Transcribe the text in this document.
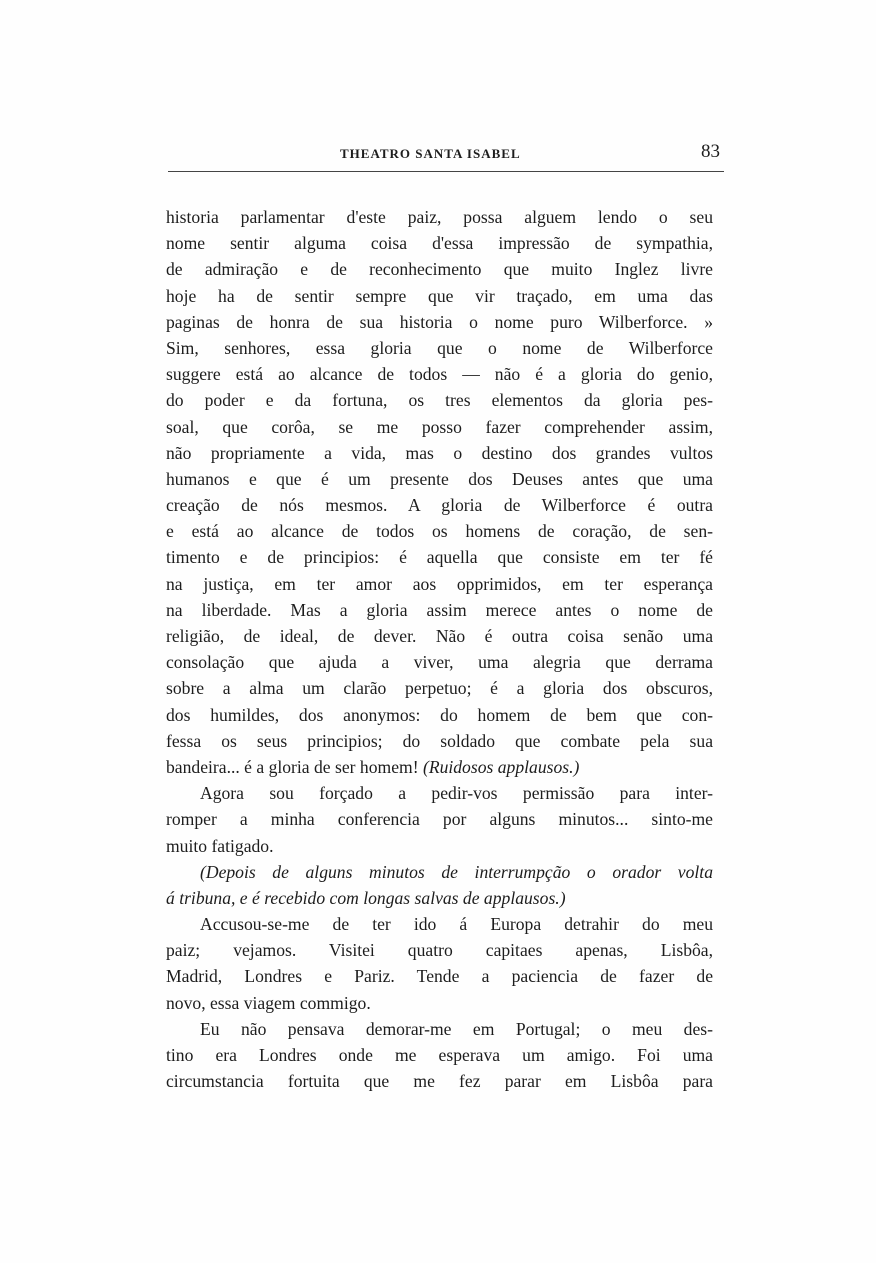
THEATRO SANTA ISABEL	83
historia parlamentar d'este paiz, possa alguem lendo o seu
nome sentir alguma coisa d'essa impressão de sympathia,
de admiração e de reconhecimento que muito Inglez livre
hoje ha de sentir sempre que vir traçado, em uma das
paginas de honra de sua historia o nome puro Wilberforce. »
Sim, senhores, essa gloria que o nome de Wilberforce
suggere está ao alcance de todos — não é a gloria do genio,
do poder e da fortuna, os tres elementos da gloria pes-
soal, que corôa, se me posso fazer comprehender assim,
não propriamente a vida, mas o destino dos grandes vultos
humanos e que é um presente dos Deuses antes que uma
creação de nós mesmos. A gloria de Wilberforce é outra
e está ao alcance de todos os homens de coração, de sen-
timento e de principios: é aquella que consiste em ter fé
na justiça, em ter amor aos opprimidos, em ter esperança
na liberdade. Mas a gloria assim merece antes o nome de
religião, de ideal, de dever. Não é outra coisa senão uma
consolação que ajuda a viver, uma alegria que derrama
sobre a alma um clarão perpetuo; é a gloria dos obscuros,
dos humildes, dos anonymos: do homem de bem que con-
fessa os seus principios; do soldado que combate pela sua
bandeira... é a gloria de ser homem! (Ruidosos applausos.)
Agora sou forçado a pedir-vos permissão para inter-
romper a minha conferencia por alguns minutos... sinto-me
muito fatigado.
(Depois de alguns minutos de interrumpção o orador volta
á tribuna, e é recebido com longas salvas de applausos.)
Accusou-se-me de ter ido á Europa detrahir do meu
paiz; vejamos. Visitei quatro capitaes apenas, Lisbôa,
Madrid, Londres e Pariz. Tende a paciencia de fazer de
novo, essa viagem commigo.
Eu não pensava demorar-me em Portugal; o meu des-
tino era Londres onde me esperava um amigo. Foi uma
circumstancia fortuita que me fez parar em Lisbôa para
